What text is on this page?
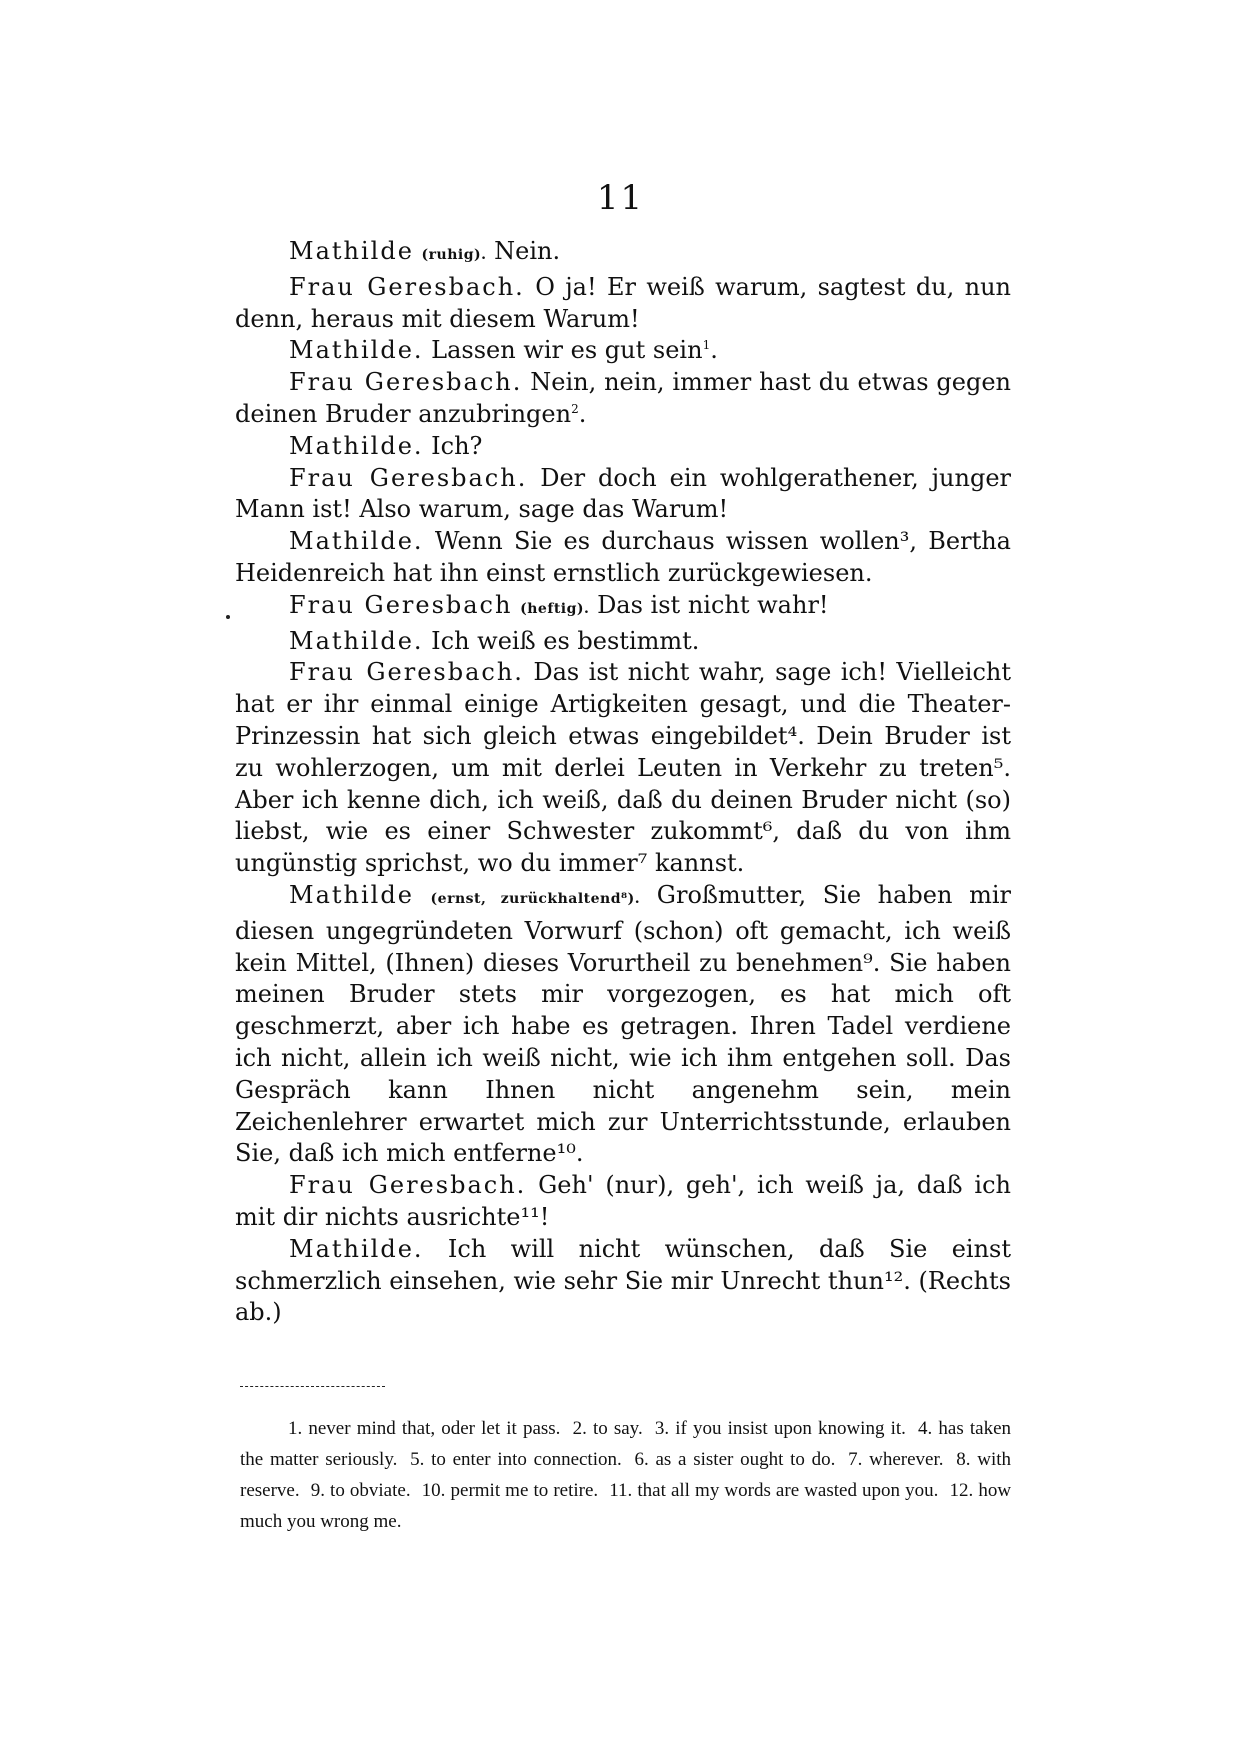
11

Mathilde (ruhig). Nein.

Frau Geresbach. O ja! Er weiß warum, sagtest du, nun denn, heraus mit diesem Warum!

Mathilde. Lassen wir es gut sein$^1$.

Frau Geresbach. Nein, nein, immer hast du etwas gegen deinen Bruder anzubringen$^2$.

Mathilde. Ich?

Frau Geresbach. Der doch ein wohlgerathener, junger Mann ist! Also warum, sage das Warum!

Mathilde. Wenn Sie es durchaus wissen wollen³, Bertha Heidenreich hat ihn einst ernstlich zurückgewiesen.

Frau Geresbach (heftig). Das ist nicht wahr!

Mathilde. Ich weiß es bestimmt.

Frau Geresbach. Das ist nicht wahr, sage ich! Vielleicht hat er ihr einmal einige Artigkeiten gesagt, und die Theater-Prinzessin hat sich gleich etwas eingebildet⁴. Dein Bruder ist zu wohlerzogen, um mit derlei Leuten in Verkehr zu treten⁵. Aber ich kenne dich, ich weiß, daß du deinen Bruder nicht (so) liebst, wie es einer Schwester zukommt⁶, daß du von ihm ungünstig sprichst, wo du immer⁷ kannst.

Mathilde (ernst, zurückhaltend⁸). Großmutter, Sie haben mir diesen ungegründeten Vorwurf (schon) oft gemacht, ich weiß kein Mittel, (Ihnen) dieses Vorurtheil zu benehmen⁹. Sie haben meinen Bruder stets mir vorgezogen, es hat mich oft geschmerzt, aber ich habe es getragen. Ihren Tadel verdiene ich nicht, allein ich weiß nicht, wie ich ihm entgehen soll. Das Gespräch kann Ihnen nicht angenehm sein, mein Zeichenlehrer erwartet mich zur Unterrichtsstunde, erlauben Sie, daß ich mich entferne¹⁰.

Frau Geresbach. Geh' (nur), geh', ich weiß ja, daß ich mit dir nichts ausrichte¹¹!

Mathilde. Ich will nicht wünschen, daß Sie einst schmerzlich einsehen, wie sehr Sie mir Unrecht thun¹². (Rechts ab.)

1. never mind that, oder let it pass. 2. to say. 3. if you insist upon knowing it. 4. has taken the matter seriously. 5. to enter into connection. 6. as a sister ought to do. 7. wherever. 8. with reserve. 9. to obviate. 10. permit me to retire. 11. that all my words are wasted upon you. 12. how much you wrong me.
